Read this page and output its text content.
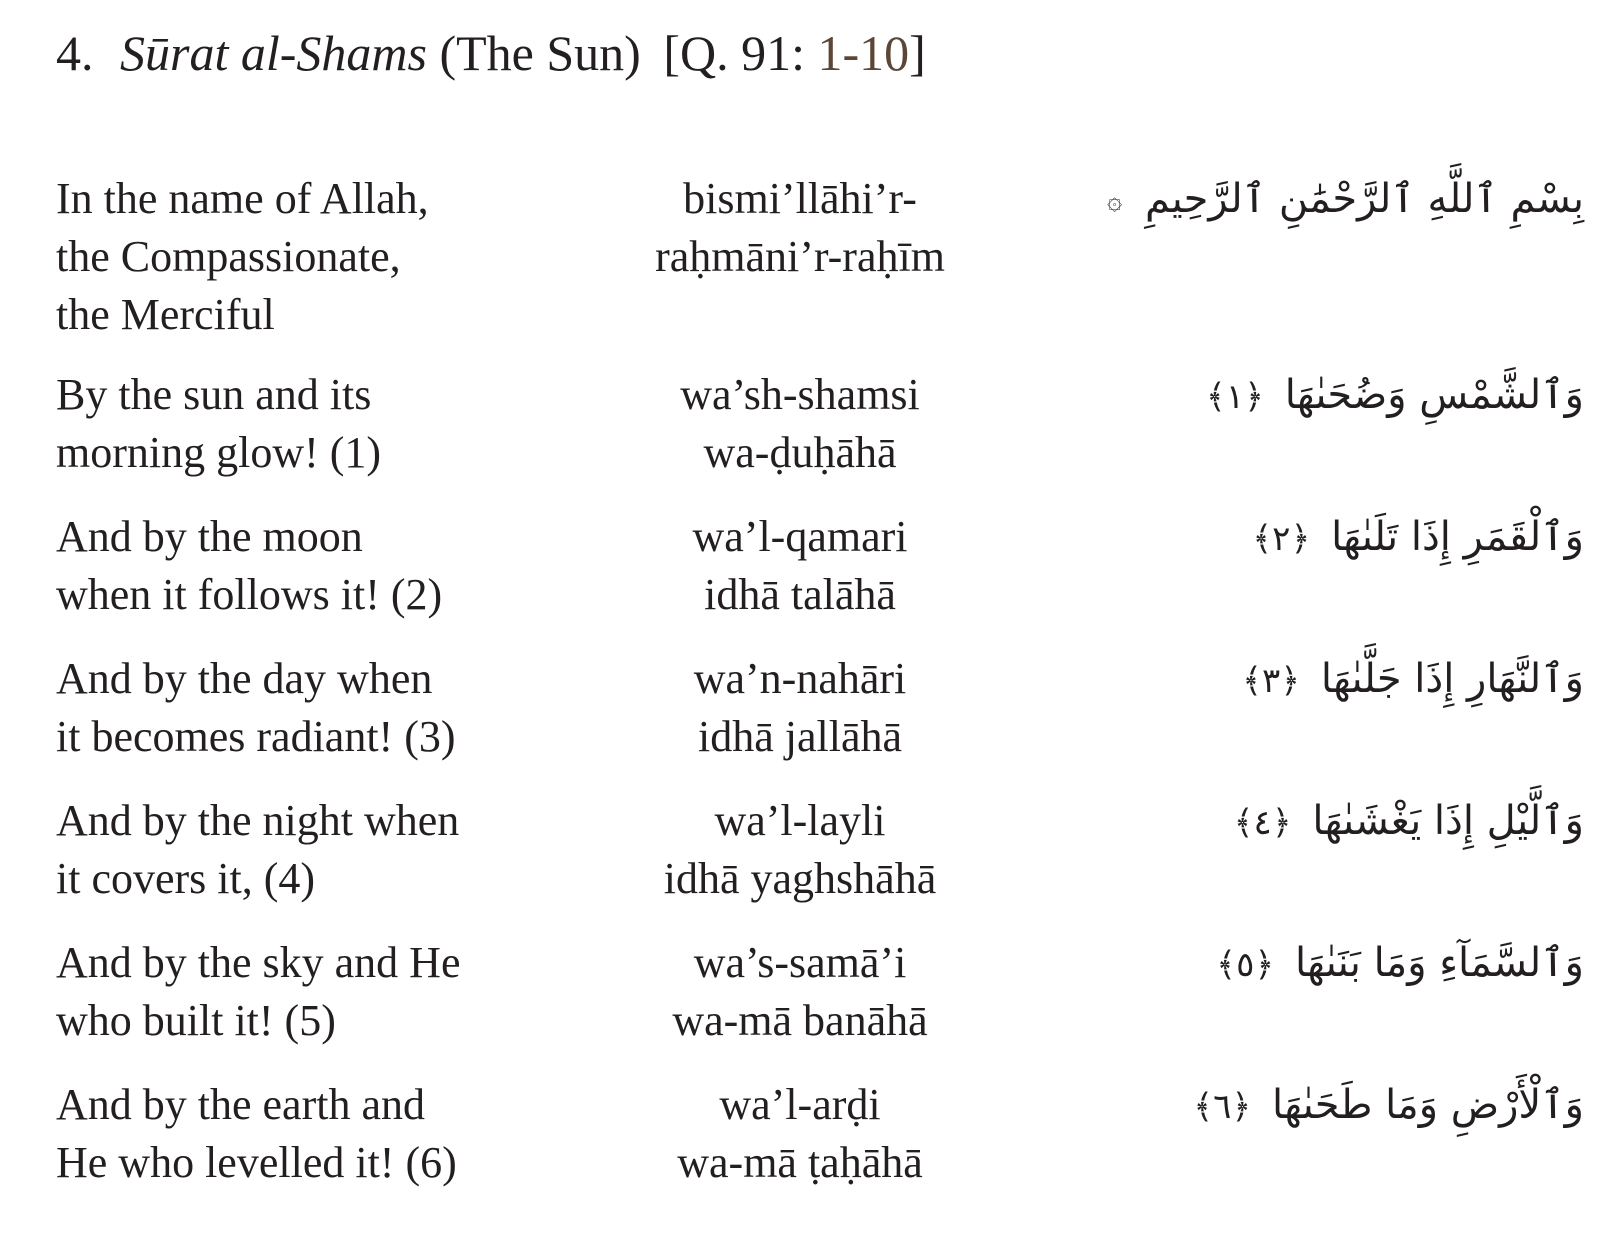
4. Sūrat al-Shams (The Sun) [Q. 91: 1-10]
In the name of Allah,
the Compassionate,
the Merciful
bismi’llāhi’r-
raḥmāni’r-raḥīm
بِسْمِ ٱللَّهِ ٱلرَّحْمَٰنِ ٱلرَّحِيمِ ۞
By the sun and its
morning glow! (1)
wa’sh-shamsi
wa-ḍuḥāhā
وَٱلشَّمْسِ وَضُحَىٰهَا ﴿١﴾
And by the moon
when it follows it! (2)
wa’l-qamari
idhā talāhā
وَٱلْقَمَرِ إِذَا تَلَىٰهَا ﴿٢﴾
And by the day when
it becomes radiant! (3)
wa’n-nahāri
idhā jallāhā
وَٱلنَّهَارِ إِذَا جَلَّىٰهَا ﴿٣﴾
And by the night when
it covers it, (4)
wa’l-layli
idhā yaghshāhā
وَٱلَّيْلِ إِذَا يَغْشَىٰهَا ﴿٤﴾
And by the sky and He
who built it! (5)
wa’s-samā’i
wa-mā banāhā
وَٱلسَّمَآءِ وَمَا بَنَىٰهَا ﴿٥﴾
And by the earth and
He who levelled it! (6)
wa’l-arḍi
wa-mā ṭaḥāhā
وَٱلْأَرْضِ وَمَا طَحَىٰهَا ﴿٦﴾
